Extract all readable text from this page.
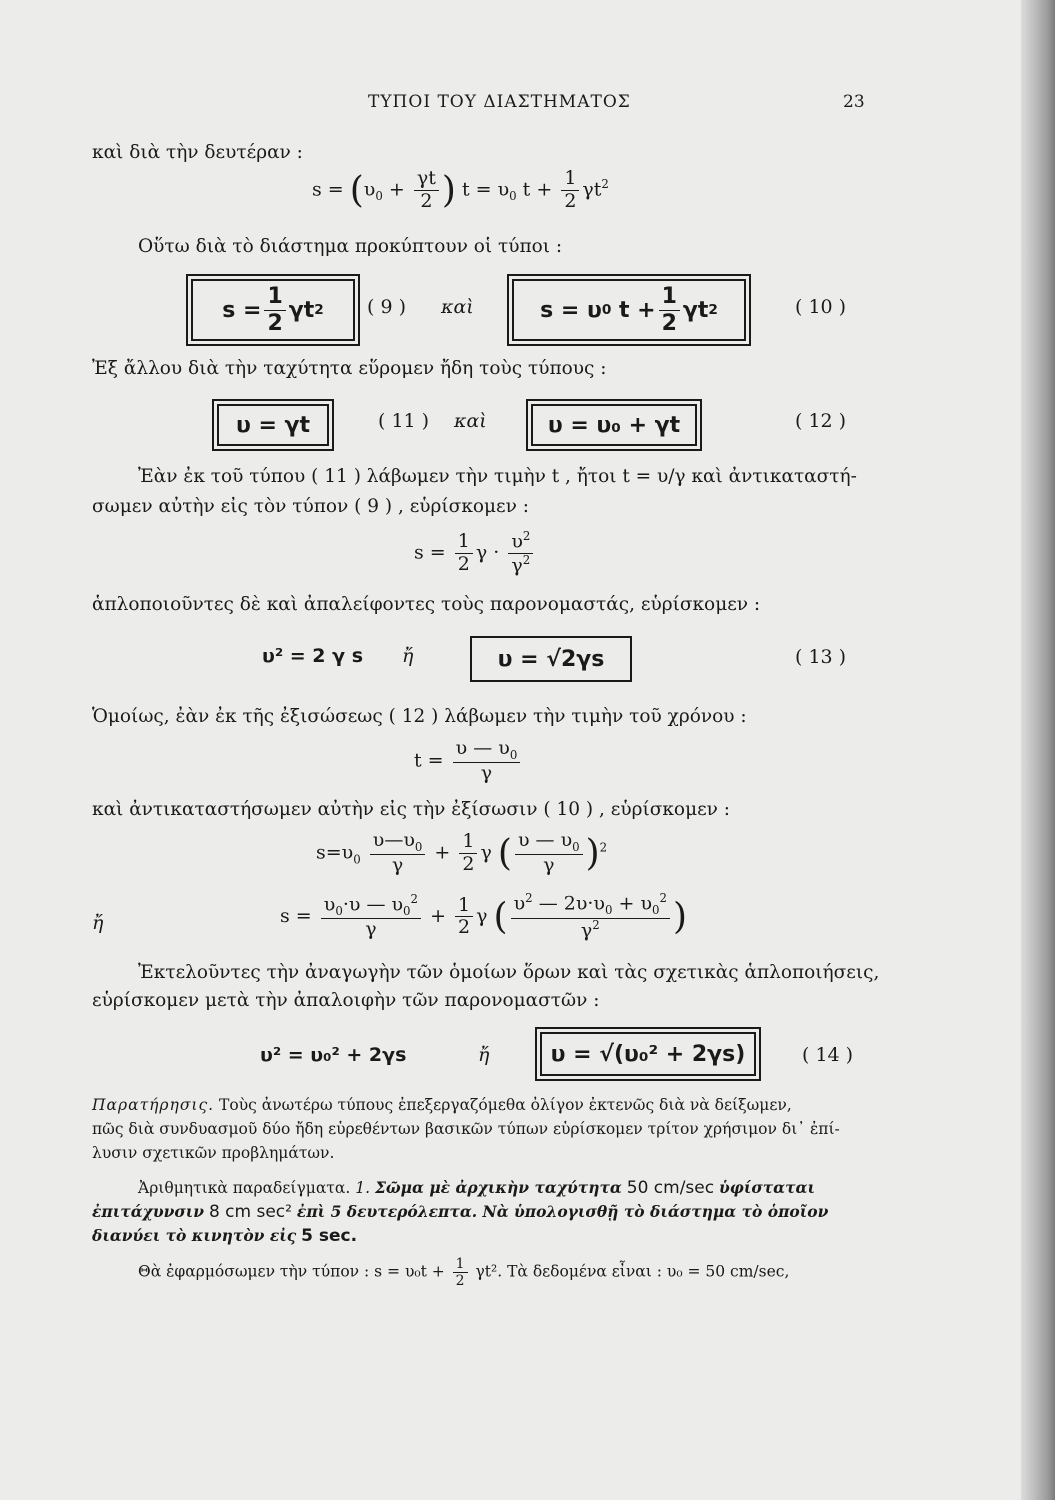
ΤΥΠΟΙ ΤΟΥ ΔΙΑΣΤΗΜΑΤΟΣ	23
καὶ διὰ τὴν δευτέραν :
$s = (\upsilon_0 + \frac{\gamma t}{2}$ ) $t = \upsilon_0$ $t + \frac{1}{2} \gamma t^2$
Οὕτω διὰ τὸ διάστημα προκύπτουν οἱ τύποι :
$s = \frac{1}{2}$ γt 2 ( 9 ) καὶ	s = υ 0 $t + \frac{1}{2}$ γt 2	( 10 )
Ἐξ ἄλλου διὰ τὴν ταχύτητα εὕρομεν ἤδη τοὺς τύπους :
υ = γt	( 11 ) καὶ	υ = υ₀ + γt	( 12 )
Ἐὰν ἐκ τοῦ τύπου ( 11 ) λάβωμεν τὴν τιμὴν t , ἤτοι t = υ/γ καὶ ἀντικαταστή-
σωμεν αὐτὴν εἰς τὸν τύπον ( 9 ) , εὑρίσκομεν :
$s = \frac{1}{2}$ $\gamma \cdot \frac{\upsilon^2}{\gamma^2}$
ἁπλοποιοῦντες δὲ καὶ ἀπαλείφοντες τοὺς παρονομαστάς, εὑρίσκομεν :
υ² = 2 γ s ἤ	υ = √2γs	( 13 )
Ὁμοίως, ἐὰν ἐκ τῆς ἐξισώσεως ( 12 ) λάβωμεν τὴν τιμὴν τοῦ χρόνου :
$t = \frac{\upsilon — \upsilon_0}{\gamma}$
καὶ ἀντικαταστήσωμεν αὐτὴν εἰς τὴν ἐξίσωσιν ( 10 ) , εὑρίσκομεν :
$s=\upsilon_0 \frac{\upsilon—\upsilon_0}{\gamma} + \frac{1}{2}$ γ ( $\frac{\upsilon — \upsilon_0}{\gamma} )^2$
ἤ	$s = \frac{\upsilon_0\cdot\upsilon — \upsilon_0^2}{\gamma} + \frac{1}{2}$ γ ( $\frac{\upsilon^2 — 2\upsilon\cdot\upsilon_0 + \upsilon_0^2}{\gamma^2}$ )
Ἐκτελοῦντες τὴν ἀναγωγὴν τῶν ὁμοίων ὅρων καὶ τὰς σχετικὰς ἁπλοποιήσεις,
εὑρίσκομεν μετὰ τὴν ἀπαλοιφὴν τῶν παρονομαστῶν :
υ² = υ₀² + 2γs	ἤ	υ = √(υ₀² + 2γs)	( 14 )
Παρατήρησις. Τοὺς ἀνωτέρω τύπους ἐπεξεργαζόμεθα ὀλίγον ἐκτενῶς διὰ νὰ δείξωμεν,
πῶς διὰ συνδυασμοῦ δύο ἤδη εὑρεθέντων βασικῶν τύπων εὑρίσκομεν τρίτον χρήσιμον δι᾽ ἐπί-
λυσιν σχετικῶν προβλημάτων.
Ἀριθμητικὰ παραδείγματα. 1. Σῶμα μὲ ἀρχικὴν ταχύτητα 50 cm/sec ὑφίσταται
ἐπιτάχυνσιν 8 cm sec² ἐπὶ 5 δευτερόλεπτα. Νὰ ὑπολογισθῇ τὸ διάστημα τὸ ὁποῖον
διανύει τὸ κινητὸν εἰς 5 sec.
Θὰ ἐφαρμόσωμεν τὴν τύπον : $s = \upsilon_0t + \frac{1}{2} \gamma t^2$. Τὰ δεδομένα εἶναι : υ₀ = 50 cm/sec,
